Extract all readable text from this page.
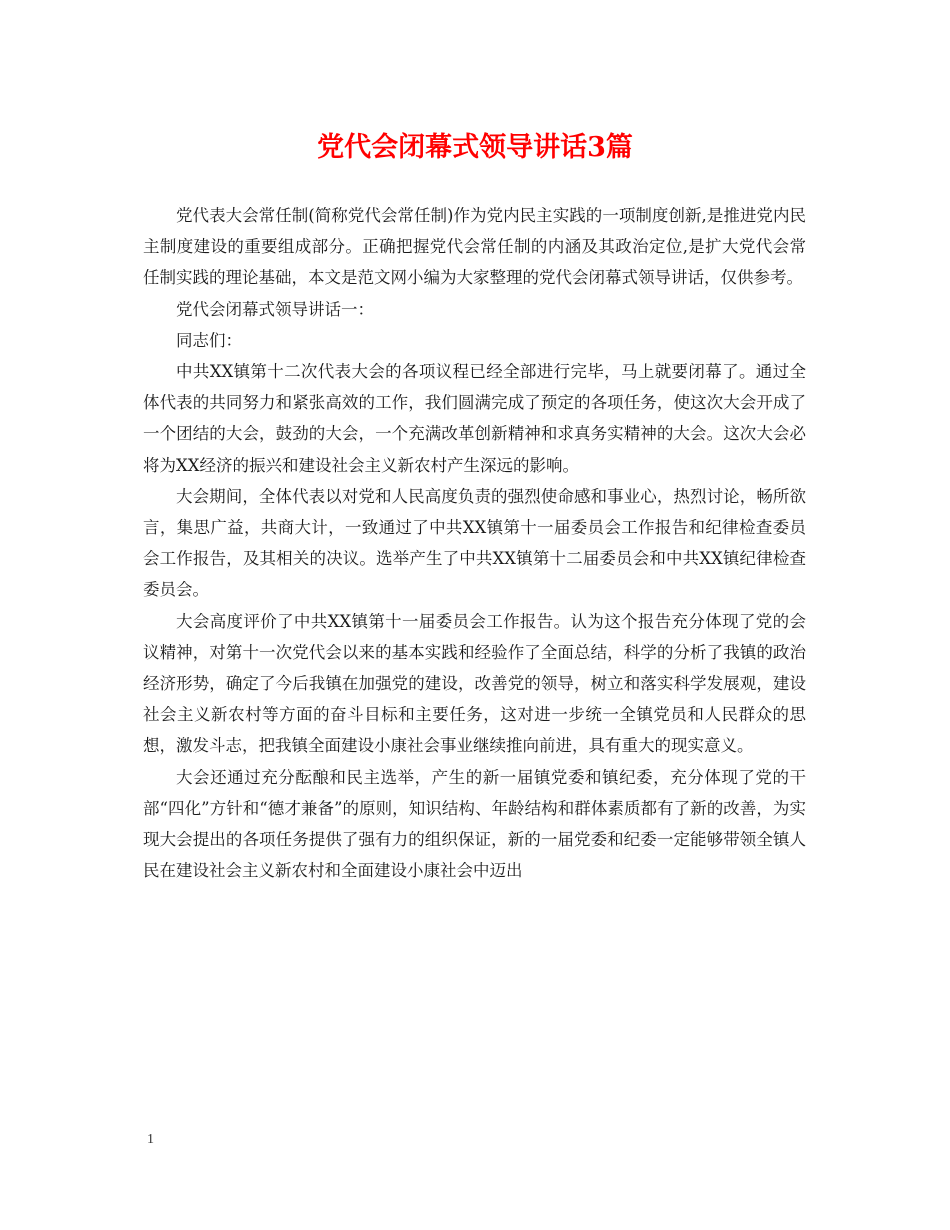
党代会闭幕式领导讲话3篇

党代表大会常任制(简称党代会常任制)作为党内民主实践的一项制度创新,是推进党内民主制度建设的重要组成部分。正确把握党代会常任制的内涵及其政治定位,是扩大党代会常任制实践的理论基础，本文是范文网小编为大家整理的党代会闭幕式领导讲话，仅供参考。

党代会闭幕式领导讲话一：

同志们：

中共XX镇第十二次代表大会的各项议程已经全部进行完毕，马上就要闭幕了。通过全体代表的共同努力和紧张高效的工作，我们圆满完成了预定的各项任务，使这次大会开成了一个团结的大会，鼓劲的大会，一个充满改革创新精神和求真务实精神的大会。这次大会必将为XX经济的振兴和建设社会主义新农村产生深远的影响。

大会期间，全体代表以对党和人民高度负责的强烈使命感和事业心，热烈讨论，畅所欲言，集思广益，共商大计，一致通过了中共XX镇第十一届委员会工作报告和纪律检查委员会工作报告，及其相关的决议。选举产生了中共XX镇第十二届委员会和中共XX镇纪律检查委员会。

大会高度评价了中共XX镇第十一届委员会工作报告。认为这个报告充分体现了党的会议精神，对第十一次党代会以来的基本实践和经验作了全面总结，科学的分析了我镇的政治经济形势，确定了今后我镇在加强党的建设，改善党的领导，树立和落实科学发展观，建设社会主义新农村等方面的奋斗目标和主要任务，这对进一步统一全镇党员和人民群众的思想，激发斗志，把我镇全面建设小康社会事业继续推向前进，具有重大的现实意义。

大会还通过充分酝酿和民主选举，产生的新一届镇党委和镇纪委，充分体现了党的干部“四化”方针和“德才兼备”的原则，知识结构、年龄结构和群体素质都有了新的改善，为实现大会提出的各项任务提供了强有力的组织保证，新的一届党委和纪委一定能够带领全镇人民在建设社会主义新农村和全面建设小康社会中迈出

1
